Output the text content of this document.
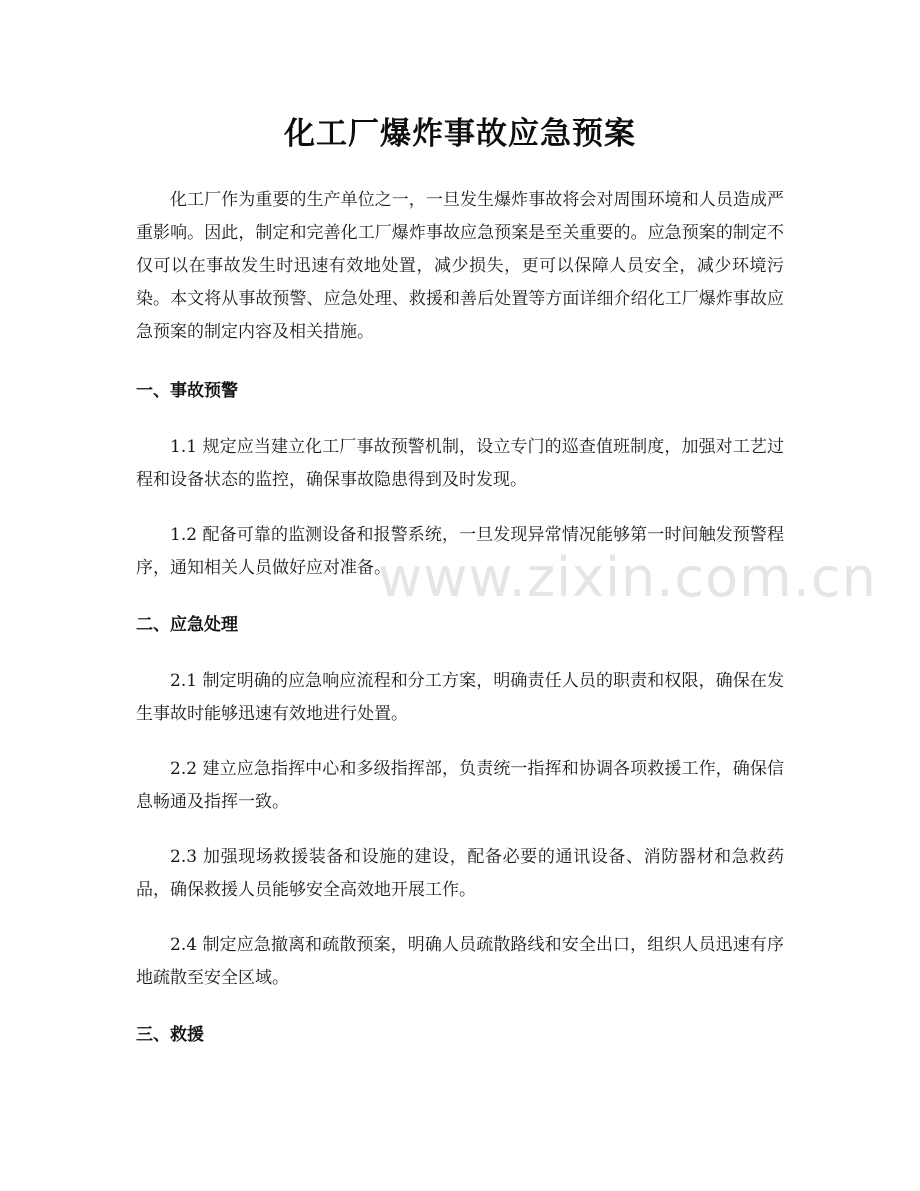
化工厂爆炸事故应急预案

化工厂作为重要的生产单位之一，一旦发生爆炸事故将会对周围环境和人员造成严重影响。因此，制定和完善化工厂爆炸事故应急预案是至关重要的。应急预案的制定不仅可以在事故发生时迅速有效地处置，减少损失，更可以保障人员安全，减少环境污染。本文将从事故预警、应急处理、救援和善后处置等方面详细介绍化工厂爆炸事故应急预案的制定内容及相关措施。

一、事故预警

1.1 规定应当建立化工厂事故预警机制，设立专门的巡查值班制度，加强对工艺过程和设备状态的监控，确保事故隐患得到及时发现。

1.2 配备可靠的监测设备和报警系统，一旦发现异常情况能够第一时间触发预警程序，通知相关人员做好应对准备。

二、应急处理

2.1 制定明确的应急响应流程和分工方案，明确责任人员的职责和权限，确保在发生事故时能够迅速有效地进行处置。

2.2 建立应急指挥中心和多级指挥部，负责统一指挥和协调各项救援工作，确保信息畅通及指挥一致。

2.3 加强现场救援装备和设施的建设，配备必要的通讯设备、消防器材和急救药品，确保救援人员能够安全高效地开展工作。

2.4 制定应急撤离和疏散预案，明确人员疏散路线和安全出口，组织人员迅速有序地疏散至安全区域。

三、救援
www.zixin.com.cn
